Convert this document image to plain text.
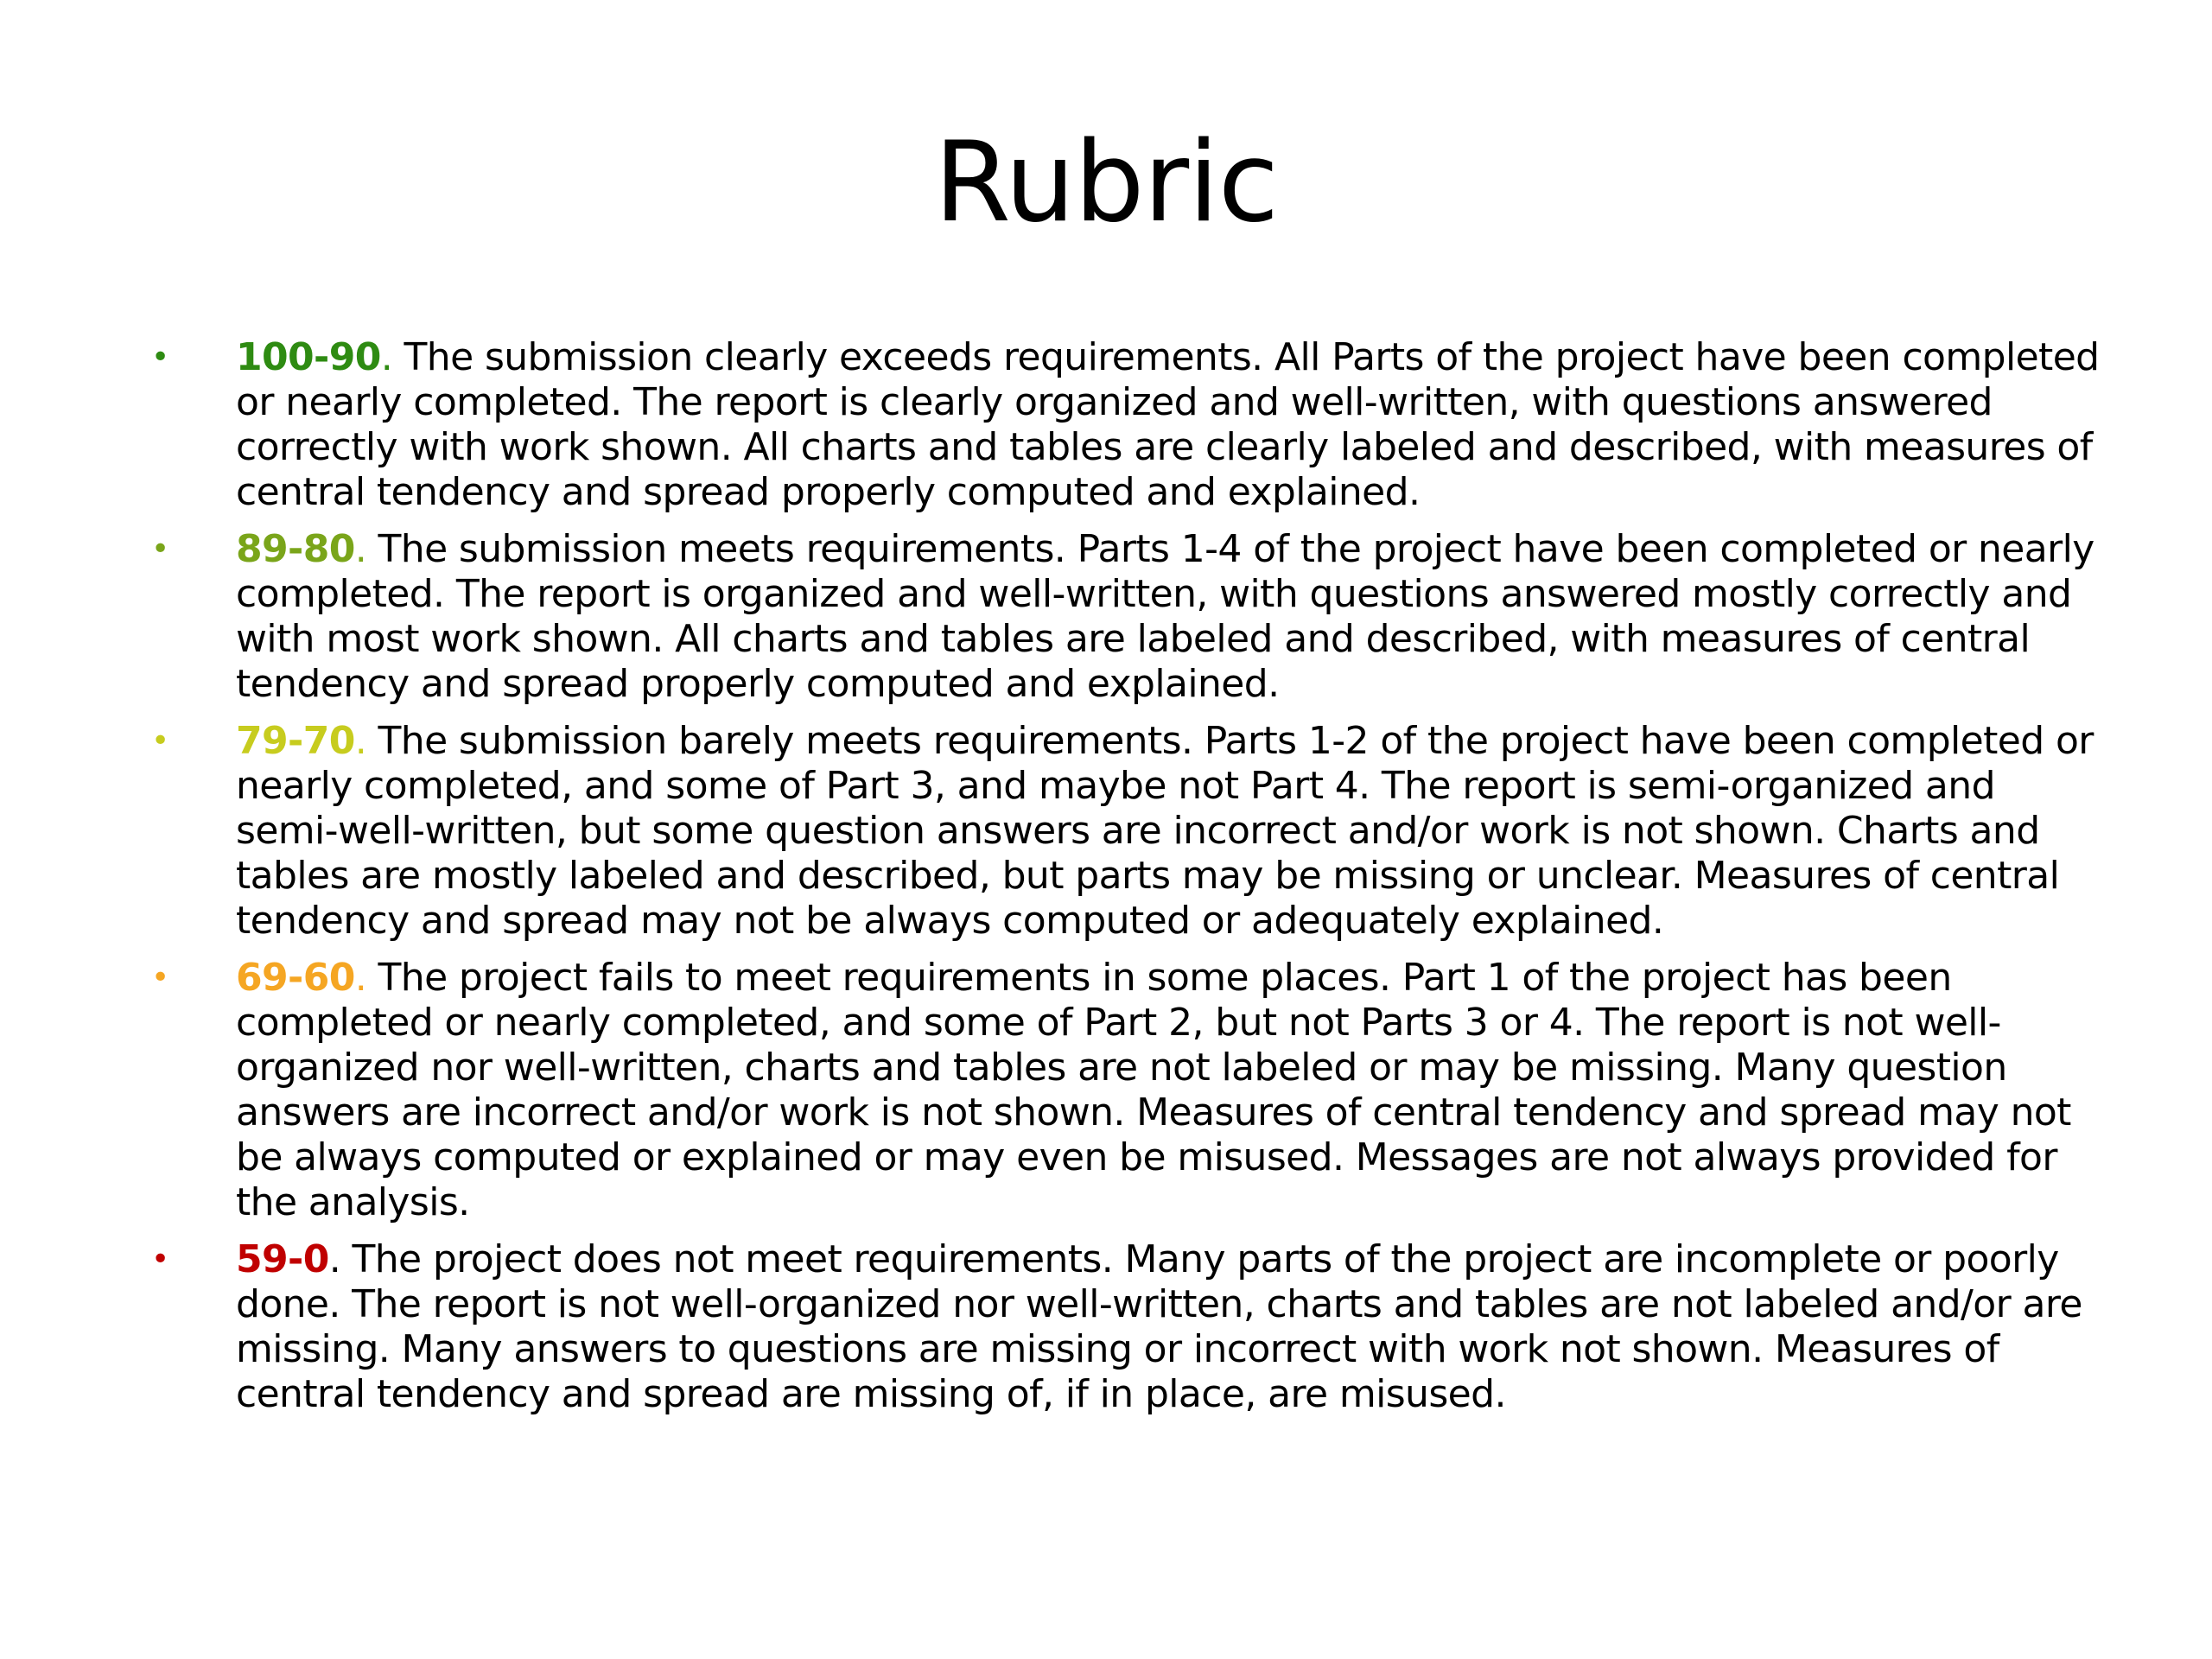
Rubric
• 100-90. The submission clearly exceeds requirements. All Parts of the project have been completed or nearly completed. The report is clearly organized and well-written, with questions answered correctly with work shown. All charts and tables are clearly labeled and described, with measures of central tendency and spread properly computed and explained.
• 89-80. The submission meets requirements. Parts 1-4 of the project have been completed or nearly completed. The report is organized and well-written, with questions answered mostly correctly and with most work shown. All charts and tables are labeled and described, with measures of central tendency and spread properly computed and explained.
• 79-70. The submission barely meets requirements. Parts 1-2 of the project have been completed or nearly completed, and some of Part 3, and maybe not Part 4. The report is semi-organized and semi-well-written, but some question answers are incorrect and/or work is not shown. Charts and tables are mostly labeled and described, but parts may be missing or unclear. Measures of central tendency and spread may not be always computed or adequately explained.
• 69-60. The project fails to meet requirements in some places. Part 1 of the project has been completed or nearly completed, and some of Part 2, but not Parts 3 or 4. The report is not well-organized nor well-written, charts and tables are not labeled or may be missing. Many question answers are incorrect and/or work is not shown. Measures of central tendency and spread may not be always computed or explained or may even be misused. Messages are not always provided for the analysis.
• 59-0. The project does not meet requirements. Many parts of the project are incomplete or poorly done. The report is not well-organized nor well-written, charts and tables are not labeled and/or are missing. Many answers to questions are missing or incorrect with work not shown. Measures of central tendency and spread are missing of, if in place, are misused.
